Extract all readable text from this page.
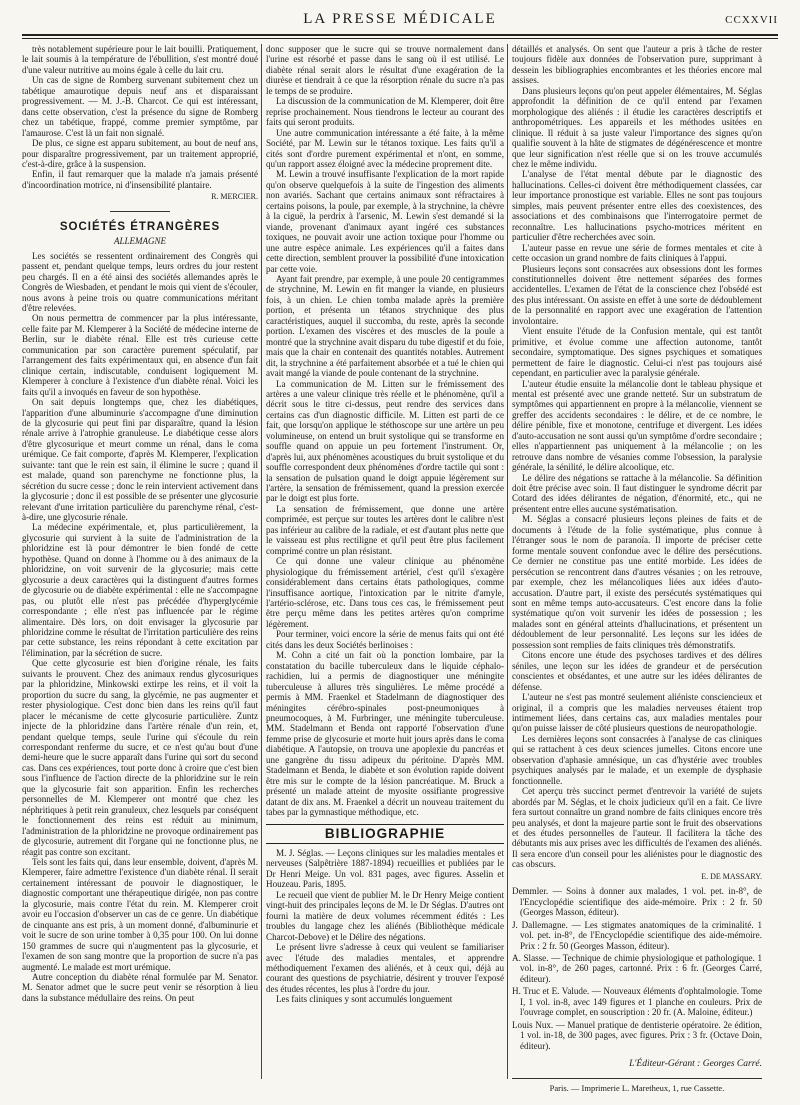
LA PRESSE MÉDICALE	CCXXVII

très notablement supérieure pour le lait bouilli. Pratiquement, le lait soumis à la température de l'ébullition, s'est montré doué d'une valeur nutritive au moins égale à celle du lait cru.

Un cas de signe de Romberg survenant subitement chez un tabétique amaurotique depuis neuf ans et disparaissant progressivement. — M. J.-B. Charcot. Ce qui est intéressant, dans cette observation, c'est la présence du signe de Romberg chez un tabétique, frappé, comme premier symptôme, par l'amaurose. C'est là un fait non signalé.

De plus, ce signe est apparu subitement, au bout de neuf ans, pour disparaître progressivement, par un traitement approprié, c'est-à-dire, grâce à la suspension.

Enfin, il faut remarquer que la malade n'a jamais présenté d'incoordination motrice, ni d'insensibilité plantaire.

R. MERCIER.

SOCIÉTÉS ÉTRANGÈRES
ALLEMAGNE

Les sociétés se ressentent ordinairement des Congrès qui passent et, pendant quelque temps, leurs ordres du jour restent peu chargés. Il en a été ainsi des sociétés allemandes après le Congrès de Wiesbaden, et pendant le mois qui vient de s'écouler, nous avons à peine trois ou quatre communications méritant d'être relevées.

On nous permettra de commencer par la plus intéressante, celle faite par M. Klemperer à la Société de médecine interne de Berlin, sur le diabète rénal. Elle est très curieuse cette communication par son caractère purement spéculatif, par l'arrangement des faits expérimentaux qui, en absence d'un fait clinique certain, indiscutable, conduisent logiquement M. Klemperer à conclure à l'existence d'un diabète rénal. Voici les faits qu'il a invoqués en faveur de son hypothèse.

On sait depuis longtemps que, chez les diabétiques, l'apparition d'une albuminurie s'accompagne d'une diminution de la glycosurie qui peut fini par disparaître, quand la lésion rénale arrive à l'atrophie granuleuse. Le diabétique cesse alors d'être glycosurique et meurt comme un rénal, dans le coma urémique. Ce fait comporte, d'après M. Klemperer, l'explication suivante: tant que le rein est sain, il élimine le sucre ; quand il est malade, quand son parenchyme ne fonctionne plus, la sécrétion du sucre cesse ; donc le rein intervient activement dans la glycosurie ; donc il est possible de se présenter une glycosurie relevant d'une irritation particulière du parenchyme rénal, c'est-à-dire, une glycosurie rénale.

La médecine expérimentale, et, plus particulièrement, la glycosurie qui survient à la suite de l'administration de la phloridzine est là pour démontrer le bien fondé de cette hypothèse. Quand on donne à l'homme ou à des animaux de la phloridzine, on voit survenir de la glycosurie; mais cette glycosurie a deux caractères qui la distinguent d'autres formes de glycosurie ou de diabète expérimental : elle ne s'accompagne pas, ou plutôt elle n'est pas précédée d'hyperglycémie correspondante ; elle n'est pas influencée par le régime alimentaire. Dès lors, on doit envisager la glycosurie par phloridzine comme le résultat de l'irritation particulière des reins par cette substance, les reins répondant à cette excitation par l'élimination, par la sécrétion de sucre.

Que cette glycosurie est bien d'origine rénale, les faits suivants le prouvent. Chez des animaux rendus glycosuriques par la phloridzine, Minkowski extirpe les reins, et il voit la proportion du sucre du sang, la glycémie, ne pas augmenter et rester physiologique. C'est donc bien dans les reins qu'il faut placer le mécanisme de cette glycosurie particulière. Zuntz injecte de la phloridzine dans l'artère rénale d'un rein, et, pendant quelque temps, seule l'urine qui s'écoule du rein correspondant renferme du sucre, et ce n'est qu'au bout d'une demi-heure que le sucre apparaît dans l'urine qui sort du second cas. Dans ces expériences, tout porte donc à croire que c'est bien sous l'influence de l'action directe de la phloridzine sur le rein que la glycosurie fait son apparition. Enfin les recherches personnelles de M. Klemperer ont montré que chez les néphritiques à petit rein granuleux, chez lesquels par conséquent le fonctionnement des reins est réduit au minimum, l'administration de la phloridzine ne provoque ordinairement pas de glycosurie, autrement dit l'organe qui ne fonctionne plus, ne réagit pas contre son excitant.

Tels sont les faits qui, dans leur ensemble, doivent, d'après M. Klemperer, faire admettre l'existence d'un diabète rénal. Il serait certainement intéressant de pouvoir le diagnostiquer, le diagnostic comportant une thérapeutique dirigée, non pas contre la glycosurie, mais contre l'état du rein. M. Klemperer croit avoir eu l'occasion d'observer un cas de ce genre. Un diabétique de cinquante ans est pris, à un moment donné, d'albuminurie et voit le sucre de son urine tomber à 0,35 pour 100. On lui donne 150 grammes de sucre qui n'augmentent pas la glycosurie, et l'examen de son sang montre que la proportion de sucre n'a pas augmenté. Le malade est mort urémique.

Autre conception du diabète rénal formulée par M. Senator. M. Senator admet que le sucre peut venir se résorption à lieu dans la substance médullaire des reins. On peut

donc supposer que le sucre qui se trouve normalement dans l'urine est résorbé et passe dans le sang où il est utilisé. Le diabète rénal serait alors le résultat d'une exagération de la diurèse et tiendrait à ce que la résorption rénale du sucre n'a pas le temps de se produire.

La discussion de la communication de M. Klemperer, doit être reprise prochainement. Nous tiendrons le lecteur au courant des faits qui seront produits.

Une autre communication intéressante a été faite, à la même Société, par M. Lewin sur le tétanos toxique. Les faits qu'il a cités sont d'ordre purement expérimental et n'ont, en somme, qu'un rapport assez éloigné avec la médecine proprement dite.

M. Lewin a trouvé insuffisante l'explication de la mort rapide qu'on observe quelquefois à la suite de l'ingestion des aliments non avariés. Sachant que certains animaux sont réfractaires à certains poisons, la poule, par exemple, à la strychnine, la chèvre à la ciguë, la perdrix à l'arsenic, M. Lewin s'est demandé si la viande, provenant d'animaux ayant ingéré ces substances toxiques, ne pouvait avoir une action toxique pour l'homme ou une autre espèce animale. Les expériences qu'il a faites dans cette direction, semblent prouver la possibilité d'une intoxication par cette voie.

Ayant fait prendre, par exemple, à une poule 20 centigrammes de strychnine, M. Lewin en fit manger la viande, en plusieurs fois, à un chien. Le chien tomba malade après la première portion, et présenta un tétanos strychnique des plus caractéristiques, auquel il succomba, du reste, après la seconde portion. L'examen des viscères et des muscles de la poule a montré que la strychnine avait disparu du tube digestif et du foie, mais que la chair en contenait des quantités notables. Autrement dit, la strychnine a été parfaitement absorbée et a tué le chien qui avait mangé la viande de poule contenant de la strychnine.

La communication de M. Litten sur le frémissement des artères a une valeur clinique très réelle et le phénomène, qu'il a décrit sous le titre ci-dessus, peut rendre des services dans certains cas d'un diagnostic difficile. M. Litten est parti de ce fait, que lorsqu'on applique le stéthoscope sur une artère un peu volumineuse, on entend un bruit systolique qui se transforme en souffle quand on appuie un peu fortement l'instrument. Or, d'après lui, aux phénomènes acoustiques du bruit systolique et du souffle correspondent deux phénomènes d'ordre tactile qui sont : la sensation de pulsation quand le doigt appuie légèrement sur l'artère, la sensation de frémissement, quand la pression exercée par le doigt est plus forte.

La sensation de frémissement, que donne une artère comprimée, est perçue sur toutes les artères dont le calibre n'est pas inférieur au calibre de la radiale, et est d'autant plus nette que le vaisseau est plus rectiligne et qu'il peut être plus facilement comprimé contre un plan résistant.

Ce qui donne une valeur clinique au phénomène physiologique du frémissement artériel, c'est qu'il s'exagère considérablement dans certains états pathologiques, comme l'insuffisance aortique, l'intoxication par le nitrite d'amyle, l'artério-sclérose, etc. Dans tous ces cas, le frémissement peut être perçu même dans les petites artères qu'on comprime légèrement.

Pour terminer, voici encore la série de menus faits qui ont été cités dans les deux Sociétés berlinoises :

M. Cohn a cité un fait où la ponction lombaire, par la constatation du bacille tuberculeux dans le liquide céphalo-rachidien, lui a permis de diagnostiquer une méningite tuberculeuse à allures très singulières. Le même procédé a permis à MM. Fraenkel et Stadelmann de diagnostiquer des méningites cérébro-spinales post-pneumoniques à pneumocoques, à M. Furbringer, une méningite tuberculeuse. MM. Stadelmann et Benda ont rapporté l'observation d'une femme prise de glycosurie et morte huit jours après dans le coma diabétique. A l'autopsie, on trouva une apoplexie du pancréas et une gangrène du tissu adipeux du péritoine. D'après MM. Stadelmann et Benda, le diabète et son évolution rapide doivent être mis sur le compte de la lésion pancréatique. M. Bruck a présenté un malade atteint de myosite ossifiante progressive datant de dix ans. M. Fraenkel a décrit un nouveau traitement du tabes par la gymnastique méthodique, etc.

BIBLIOGRAPHIE

M. J. Séglas. — Leçons cliniques sur les maladies mentales et nerveuses (Salpêtrière 1887-1894) recueillies et publiées par le Dr Henri Meige. Un vol. 831 pages, avec figures. Asselin et Houzeau. Paris, 1895.

Le recueil que vient de publier M. le Dr Henry Meige contient vingt-huit des principales leçons de M. le Dr Séglas. D'autres ont fourni la matière de deux volumes récemment édités : Les troubles du langage chez les aliénés (Bibliothèque médicale Charcot-Debove) et le Délire des négations.

Le présent livre s'adresse à ceux qui veulent se familiariser avec l'étude des maladies mentales, et apprendre méthodiquement l'examen des aliénés, et à ceux qui, déjà au courant des questions de psychiatrie, désirent y trouver l'exposé des études récentes, les plus à l'ordre du jour.

Les faits cliniques y sont accumulés longuement

détaillés et analysés. On sent que l'auteur a pris à tâche de rester toujours fidèle aux données de l'observation pure, supprimant à dessein les bibliographies encombrantes et les théories encore mal assises.

Dans plusieurs leçons qu'on peut appeler élémentaires, M. Séglas approfondit la définition de ce qu'il entend par l'examen morphologique des aliénés : il étudie les caractères descriptifs et anthropométriques. Les appareils et les méthodes usitées en clinique. Il réduit à sa juste valeur l'importance des signes qu'on qualifie souvent à la hâte de stigmates de dégénérescence et montre que leur signification n'est réelle que si on les trouve accumulés chez le même individu.

L'analyse de l'état mental débute par le diagnostic des hallucinations. Celles-ci doivent être méthodiquement classées, car leur importance pronostique est variable. Elles ne sont pas toujours simples, mais peuvent présenter entre elles des coexistences, des associations et des combinaisons que l'interrogatoire permet de reconnaître. Les hallucinations psycho-motrices méritent en particulier d'être recherchées avec soin.

L'auteur passe en revue une série de formes mentales et cite à cette occasion un grand nombre de faits cliniques à l'appui.

Plusieurs leçons sont consacrées aux obsessions dont les formes constitutionnelles doivent être nettement séparées des formes accidentelles. L'examen de l'état de la conscience chez l'obsédé est des plus intéressant. On assiste en effet à une sorte de dédoublement de la personnalité en rapport avec une exagération de l'attention involontaire.

Vient ensuite l'étude de la Confusion mentale, qui est tantôt primitive, et évolue comme une affection autonome, tantôt secondaire, symptomatique. Des signes psychiques et somatiques permettent de faire le diagnostic. Celui-ci n'est pas toujours aisé cependant, en particulier avec la paralysie générale.

L'auteur étudie ensuite la mélancolie dont le tableau physique et mental est présenté avec une grande netteté. Sur un substratum de symptômes qui appartiennent en propre à la mélancolie, viennent se greffer des accidents secondaires : le délire, et de ce nombre, le délire pénible, fixe et monotone, centrifuge et divergent. Les idées d'auto-accusation ne sont aussi qu'un symptôme d'ordre secondaire ; elles n'appartiennent pas uniquement à la mélancolie ; on les retrouve dans nombre de vésanies comme l'obsession, la paralysie générale, la sénilité, le délire alcoolique, etc.

Le délire des négations se rattache à la mélancolie. Sa définition doit être précise avec soin. Il faut distinguer le syndrome décrit par Cotard des idées délirantes de négation, d'énormité, etc., qui ne présentent entre elles aucune systématisation.

M. Séglas a consacré plusieurs leçons pleines de faits et de documents à l'étude de la folie systématique, plus connue à l'étranger sous le nom de paranoïa. Il importe de préciser cette forme mentale souvent confondue avec le délire des persécutions. Ce dernier ne constitue pas une entité morbide. Les idées de persécution se rencontrent dans d'autres vésanies ; on les retrouve, par exemple, chez les mélancoliques liées aux idées d'auto-accusation. D'autre part, il existe des persécutés systématiques qui sont en même temps auto-accusateurs. C'est encore dans la folie systématique qu'on voit survenir les idées de possession ; les malades sont en général atteints d'hallucinations, et présentent un dédoublement de leur personnalité. Les leçons sur les idées de possession sont remplies de faits cliniques très démonstratifs.

Citons encore une étude des psychoses tardives et des délires séniles, une leçon sur les idées de grandeur et de persécution conscientes et obsédantes, et une autre sur les idées délirantes de défense.

L'auteur ne s'est pas montré seulement aliéniste consciencieux et original, il a compris que les maladies nerveuses étaient trop intimement liées, dans certains cas, aux maladies mentales pour qu'on puisse laisser de côté plusieurs questions de neuropathologie.

Les dernières leçons sont consacrées à l'analyse de cas cliniques qui se rattachent à ces deux sciences jumelles. Citons encore une observation d'aphasie amnésique, un cas d'hystérie avec troubles psychiques analysés par le malade, et un exemple de dysphasie fonctionnelle.

Cet aperçu très succinct permet d'entrevoir la variété de sujets abordés par M. Séglas, et le choix judicieux qu'il en a fait. Ce livre fera surtout connaître un grand nombre de faits cliniques encore très peu analysés, et dont la majeure partie sont le fruit des observations et des études personnelles de l'auteur. Il facilitera la tâche des débutants mis aux prises avec les difficultés de l'examen des aliénés. Il sera encore d'un conseil pour les aliénistes pour le diagnostic des cas obscurs.

E. DE MASSARY.

Demmler. — Soins à donner aux malades, 1 vol. pet. in-8°, de l'Encyclopédie scientifique des aide-mémoire. Prix : 2 fr. 50 (Georges Masson, éditeur).

J. Dallemagne. — Les stigmates anatomiques de la criminalité. 1 vol. pet. in-8°, de l'Encyclopédie scientifique des aide-mémoire. Prix : 2 fr. 50 (Georges Masson, éditeur).

A. Slasse. — Technique de chimie physiologique et pathologique. 1 vol. in-8°, de 260 pages, cartonné. Prix : 6 fr. (Georges Carré, éditeur).

H. Truc et E. Valude. — Nouveaux éléments d'ophtalmologie. Tome I, 1 vol. in-8, avec 149 figures et 1 planche en couleurs. Prix de l'ouvrage complet, en souscription : 20 fr. (A. Maloine, éditeur.)

Louis Nux. — Manuel pratique de dentisterie opératoire. 2e édition, 1 vol. in-18, de 300 pages, avec figures. Prix : 3 fr. (Octave Doin, éditeur).

L'Éditeur-Gérant : Georges Carré.

Paris. — Imprimerie L. Maretheux, 1, rue Cassette.
